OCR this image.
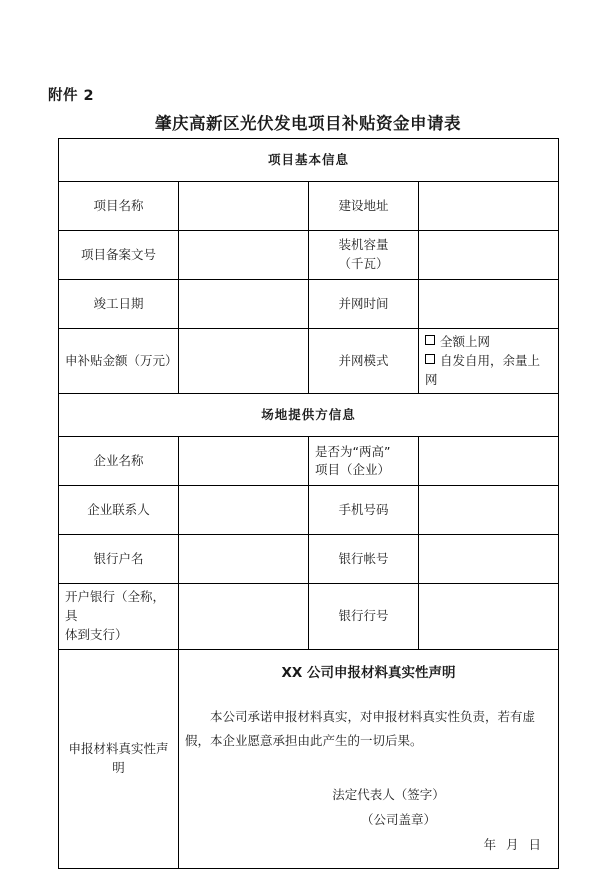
附件 2
肇庆高新区光伏发电项目补贴资金申请表
项目基本信息			
项目名称		建设地址	
项目备案文号		装机容量
（千瓦）	

竣工日期		并网时间	
申补贴金额（万元）		并网模式	全额上网
自发自用，余量上网

场地提供方信息			
企业名称		是否为“两高”
项目（企业）	

企业联系人		手机号码	
银行户名		银行帐号	

开户银行（全称，具
体到支行）		银行行号	
申报材料真实性声明	XX 公司申报材料真实性声明
本公司承诺申报材料真实，对申报材料真实性负责，若有虚假，本企业愿意承担由此产生的一切后果。
法定代表人（签字）
（公司盖章）
年 月 日		
